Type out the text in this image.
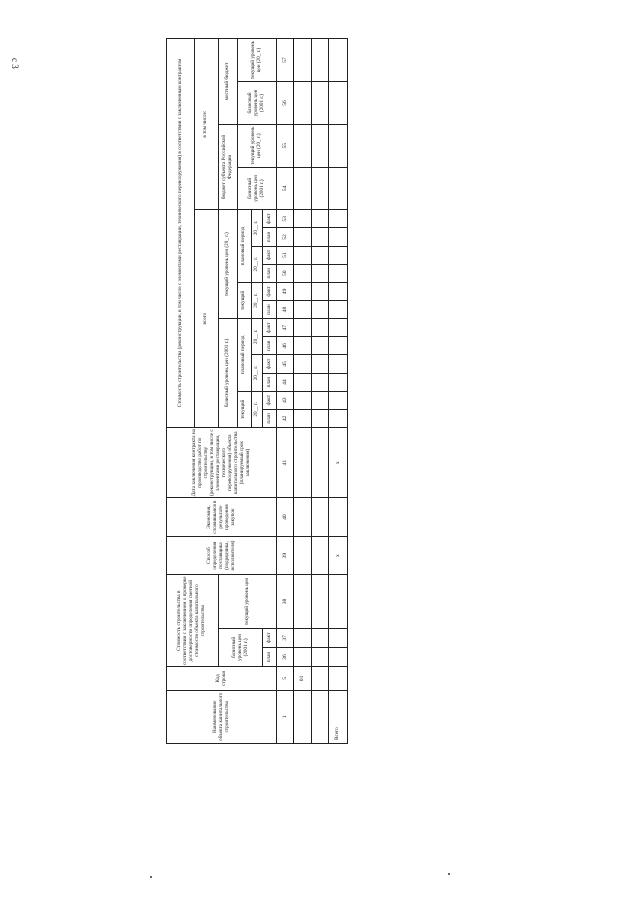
с 3
Наименование объекта капитального строительства	Код строки	Стоимость строительства в соответствии с заключением о проверке достоверности определения сметной стоимости объекта капитального строительства			Способ определения поставщика (подрядчика, исполнителя)	Экономия, сложившаяся в результате проведения закупок	Дата заключения контракта на производство работ по строительству (реконструкции, в том числе с элементами реставрации, технического перевооружения) объекта капитального строительства (планируемый срок заключения)	Стоимость строительства (реконструкции, в том числе с элементами реставрации, технического перевооружения) в соответствии с заключенным контрактом															
								всего												в том числе:			
		базисный уровень цен (2001 г.)		текущий уровень цен				базисный уровень цен (2001 г.)						текущий уровень цен (20_ г.)						бюджет субъекта Российской Федерации		местный бюджет	
								текущий		плановый период				текущий		плановый период				базисный уровень цен (2001 г.)	текущий уровень цен (20_ г.)	базисный уровень цен (2001 г.)	текущий уровень цен (20_ г.)
								20__ г.		20__ г.		20__ г.		20__ г.		20__ г.		20__ г.					
		план	факт					план	факт	план	факт	план	факт	план	факт	план	факт	план	факт				
1	5	36	37	38	39	40	41	42	43	44	45	46	47	48	49	50	51	52	53	54	55	56	57
	01																						

Всего					x		x																
